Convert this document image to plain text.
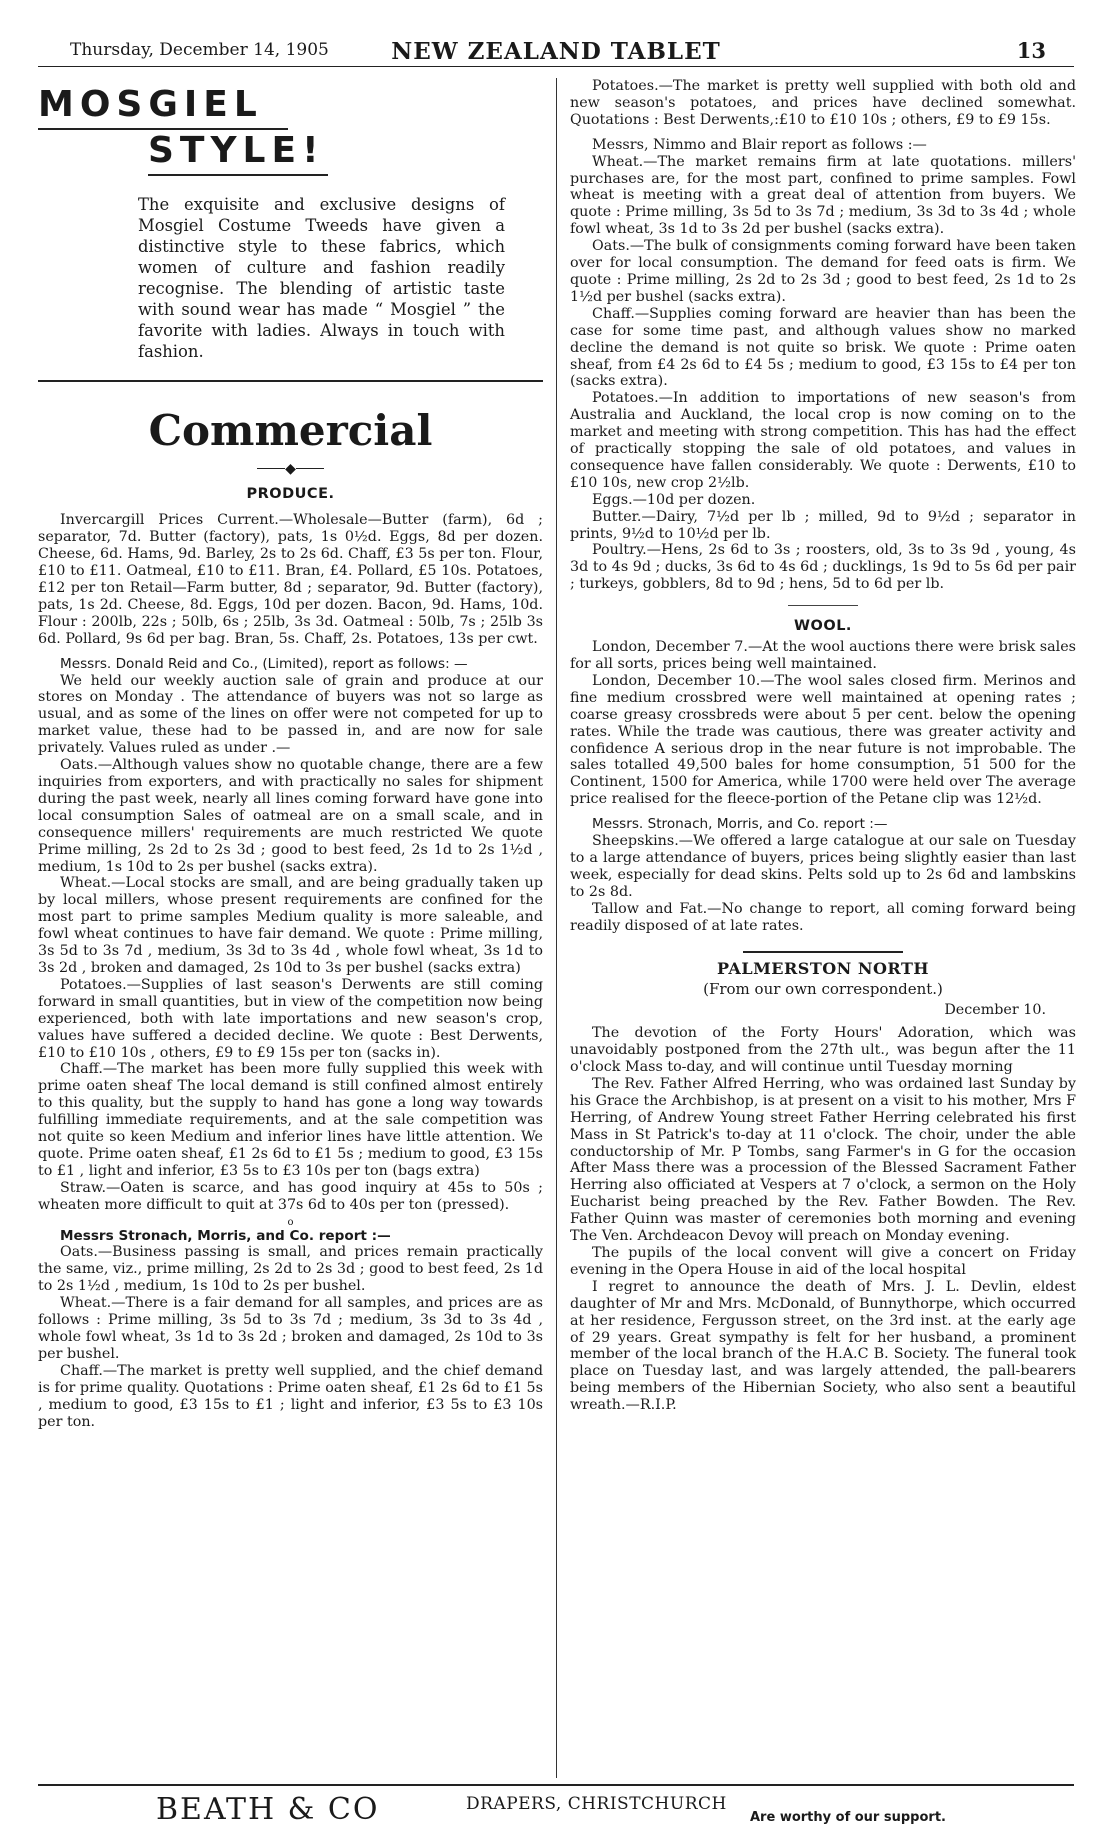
Thursday, December 14, 1905	NEW ZEALAND TABLET	13
MOSGIEL
STYLE!
The exquisite and exclusive designs of Mosgiel Costume Tweeds have given a distinctive style to these fabrics, which women of culture and fashion readily recognise. The blending of artistic taste with sound wear has made “ Mosgiel ” the favorite with ladies. Always in touch with fashion.
Commercial
◆
PRODUCE.

Invercargill Prices Current.—Wholesale—Butter (farm), 6d ; separator, 7d. Butter (factory), pats, 1s 0½d. Eggs, 8d per dozen. Cheese, 6d. Hams, 9d. Barley, 2s to 2s 6d. Chaff, £3 5s per ton. Flour, £10 to £11. Oatmeal, £10 to £11. Bran, £4. Pollard, £5 10s. Potatoes, £12 per ton Retail—Farm butter, 8d ; separator, 9d. Butter (factory), pats, 1s 2d. Cheese, 8d. Eggs, 10d per dozen. Bacon, 9d. Hams, 10d. Flour : 200lb, 22s ; 50lb, 6s ; 25lb, 3s 3d. Oatmeal : 50lb, 7s ; 25lb 3s 6d. Pollard, 9s 6d per bag. Bran, 5s. Chaff, 2s. Potatoes, 13s per cwt.

Messrs. Donald Reid and Co., (Limited), report as follows: —

We held our weekly auction sale of grain and produce at our stores on Monday . The attendance of buyers was not so large as usual, and as some of the lines on offer were not competed for up to market value, these had to be passed in, and are now for sale privately. Values ruled as under .—

Oats.—Although values show no quotable change, there are a few inquiries from exporters, and with practically no sales for shipment during the past week, nearly all lines coming forward have gone into local consumption Sales of oatmeal are on a small scale, and in consequence millers' requirements are much restricted We quote Prime milling, 2s 2d to 2s 3d ; good to best feed, 2s 1d to 2s 1½d , medium, 1s 10d to 2s per bushel (sacks extra).

Wheat.—Local stocks are small, and are being gradually taken up by local millers, whose present requirements are confined for the most part to prime samples Medium quality is more saleable, and fowl wheat continues to have fair demand. We quote : Prime milling, 3s 5d to 3s 7d , medium, 3s 3d to 3s 4d , whole fowl wheat, 3s 1d to 3s 2d , broken and damaged, 2s 10d to 3s per bushel (sacks extra)

Potatoes.—Supplies of last season's Derwents are still coming forward in small quantities, but in view of the competition now being experienced, both with late importations and new season's crop, values have suffered a decided decline. We quote : Best Derwents, £10 to £10 10s , others, £9 to £9 15s per ton (sacks in).

Chaff.—The market has been more fully supplied this week with prime oaten sheaf The local demand is still confined almost entirely to this quality, but the supply to hand has gone a long way towards fulfilling immediate requirements, and at the sale competition was not quite so keen Medium and inferior lines have little attention. We quote. Prime oaten sheaf, £1 2s 6d to £1 5s ; medium to good, £3 15s to £1 , light and inferior, £3 5s to £3 10s per ton (bags extra)

Straw.—Oaten is scarce, and has good inquiry at 45s to 50s ; wheaten more difficult to quit at 37s 6d to 40s per ton (pressed).

o

Messrs Stronach, Morris, and Co. report :—

Oats.—Business passing is small, and prices remain practically the same, viz., prime milling, 2s 2d to 2s 3d ; good to best feed, 2s 1d to 2s 1½d , medium, 1s 10d to 2s per bushel.

Wheat.—There is a fair demand for all samples, and prices are as follows : Prime milling, 3s 5d to 3s 7d ; medium, 3s 3d to 3s 4d , whole fowl wheat, 3s 1d to 3s 2d ; broken and damaged, 2s 10d to 3s per bushel.

Chaff.—The market is pretty well supplied, and the chief demand is for prime quality. Quotations : Prime oaten sheaf, £1 2s 6d to £1 5s , medium to good, £3 15s to £1 ; light and inferior, £3 5s to £3 10s per ton.

Potatoes.—The market is pretty well supplied with both old and new season's potatoes, and prices have declined somewhat. Quotations : Best Derwents,:£10 to £10 10s ; others, £9 to £9 15s.

Messrs, Nimmo and Blair report as follows :—

Wheat.—The market remains firm at late quotations. millers' purchases are, for the most part, confined to prime samples. Fowl wheat is meeting with a great deal of attention from buyers. We quote : Prime milling, 3s 5d to 3s 7d ; medium, 3s 3d to 3s 4d ; whole fowl wheat, 3s 1d to 3s 2d per bushel (sacks extra).

Oats.—The bulk of consignments coming forward have been taken over for local consumption. The demand for feed oats is firm. We quote : Prime milling, 2s 2d to 2s 3d ; good to best feed, 2s 1d to 2s 1½d per bushel (sacks extra).

Chaff.—Supplies coming forward are heavier than has been the case for some time past, and although values show no marked decline the demand is not quite so brisk. We quote : Prime oaten sheaf, from £4 2s 6d to £4 5s ; medium to good, £3 15s to £4 per ton (sacks extra).

Potatoes.—In addition to importations of new season's from Australia and Auckland, the local crop is now coming on to the market and meeting with strong competition. This has had the effect of practically stopping the sale of old potatoes, and values in consequence have fallen considerably. We quote : Derwents, £10 to £10 10s, new crop 2½lb.

Eggs.—10d per dozen.

Butter.—Dairy, 7½d per lb ; milled, 9d to 9½d ; separator in prints, 9½d to 10½d per lb.

Poultry.—Hens, 2s 6d to 3s ; roosters, old, 3s to 3s 9d , young, 4s 3d to 4s 9d ; ducks, 3s 6d to 4s 6d ; ducklings, 1s 9d to 5s 6d per pair ; turkeys, gobblers, 8d to 9d ; hens, 5d to 6d per lb.

WOOL.

London, December 7.—At the wool auctions there were brisk sales for all sorts, prices being well maintained.

London, December 10.—The wool sales closed firm. Merinos and fine medium crossbred were well maintained at opening rates ; coarse greasy crossbreds were about 5 per cent. below the opening rates. While the trade was cautious, there was greater activity and confidence A serious drop in the near future is not improbable. The sales totalled 49,500 bales for home consumption, 51 500 for the Continent, 1500 for America, while 1700 were held over The average price realised for the fleece-portion of the Petane clip was 12½d.

Messrs. Stronach, Morris, and Co. report :—

Sheepskins.—We offered a large catalogue at our sale on Tuesday to a large attendance of buyers, prices being slightly easier than last week, especially for dead skins. Pelts sold up to 2s 6d and lambskins to 2s 8d.

Tallow and Fat.—No change to report, all coming forward being readily disposed of at late rates.

PALMERSTON NORTH
(From our own correspondent.)

December 10.

The devotion of the Forty Hours' Adoration, which was unavoidably postponed from the 27th ult., was begun after the 11 o'clock Mass to-day, and will continue until Tuesday morning

The Rev. Father Alfred Herring, who was ordained last Sunday by his Grace the Archbishop, is at present on a visit to his mother, Mrs F Herring, of Andrew Young street Father Herring celebrated his first Mass in St Patrick's to-day at 11 o'clock. The choir, under the able conductorship of Mr. P Tombs, sang Farmer's in G for the occasion After Mass there was a procession of the Blessed Sacrament Father Herring also officiated at Vespers at 7 o'clock, a sermon on the Holy Eucharist being preached by the Rev. Father Bowden. The Rev. Father Quinn was master of ceremonies both morning and evening The Ven. Archdeacon Devoy will preach on Monday evening.

The pupils of the local convent will give a concert on Friday evening in the Opera House in aid of the local hospital

I regret to announce the death of Mrs. J. L. Devlin, eldest daughter of Mr and Mrs. McDonald, of Bunnythorpe, which occurred at her residence, Fergusson street, on the 3rd inst. at the early age of 29 years. Great sympathy is felt for her husband, a prominent member of the local branch of the H.A.C B. Society. The funeral took place on Tuesday last, and was largely attended, the pall-bearers being members of the Hibernian Society, who also sent a beautiful wreath.—R.I.P.

BEATH & CO	DRAPERS, CHRISTCHURCH
Are worthy of our support.
